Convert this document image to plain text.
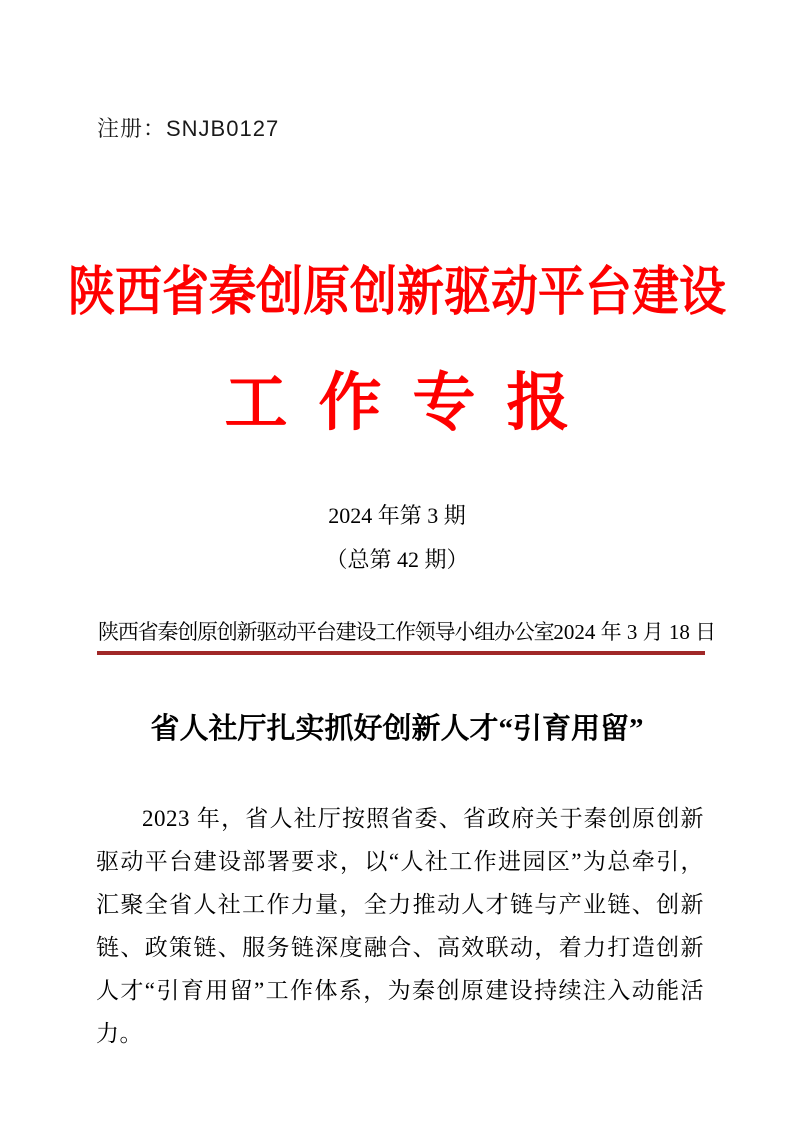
注册：SNJB0127
陕西省秦创原创新驱动平台建设
工作专报
2024 年第 3 期
（总第 42 期）
陕西省秦创原创新驱动平台建设工作领导小组办公室 2024 年 3 月 18 日
省人社厅扎实抓好创新人才“引育用留”
2023 年，省人社厅按照省委、省政府关于秦创原创新驱动平台建设部署要求，以“人社工作进园区”为总牵引，汇聚全省人社工作力量，全力推动人才链与产业链、创新链、政策链、服务链深度融合、高效联动，着力打造创新人才“引育用留”工作体系，为秦创原建设持续注入动能活力。
